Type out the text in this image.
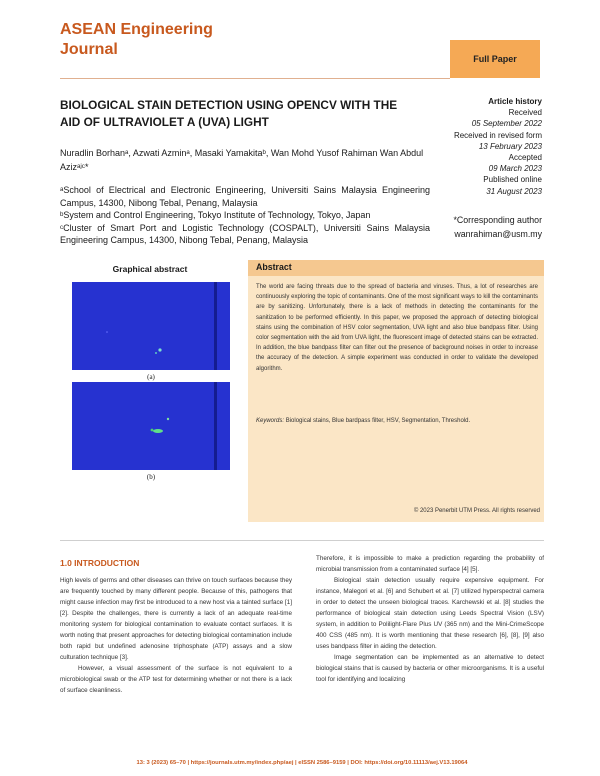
ASEAN Engineering
Journal
Full Paper
BIOLOGICAL STAIN DETECTION USING OPENCV WITH THE AID OF ULTRAVIOLET A (UVA) LIGHT
Nuradlin Borhanᵃ, Azwati Azminᵃ, Masaki Yamakitaᵇ, Wan Mohd Yusof Rahiman Wan Abdul Azizᵃʲᶜ*
ᵃSchool of Electrical and Electronic Engineering, Universiti Sains Malaysia Engineering Campus, 14300, Nibong Tebal, Penang, Malaysia
ᵇSystem and Control Engineering, Tokyo Institute of Technology, Tokyo, Japan
ᶜCluster of Smart Port and Logistic Technology (COSPALT), Universiti Sains Malaysia Engineering Campus, 14300, Nibong Tebal, Penang, Malaysia
Article history
Received
05 September 2022
Received in revised form
13 February 2023
Accepted
09 March 2023
Published online
31 August 2023
*Corresponding author
wanrahiman@usm.my
Graphical abstract
(a)
(b)
Abstract
The world are facing threats due to the spread of bacteria and viruses. Thus, a lot of researches are continuously exploring the topic of contaminants. One of the most significant ways to kill the contaminants are by sanitizing. Unfortunately, there is a lack of methods in detecting the contaminants for the sanitization to be performed efficiently. In this paper, we proposed the approach of detecting biological stains using the combination of HSV color segmentation, UVA light and also blue bandpass filter. Using color segmentation with the aid from UVA light, the fluorescent image of detected stains can be extracted. In addition, the blue bandpass filter can filter out the presence of background noises in order to increase the accuracy of the detection. A simple experiment was conducted in order to validate the developed algorithm.
Keywords: Biological stains, Blue bardpass filter, HSV, Segmentation, Threshold.
© 2023 Penerbit UTM Press. All rights reserved
1.0 INTRODUCTION

High levels of germs and other diseases can thrive on touch surfaces because they are frequently touched by many different people. Because of this, pathogens that might cause infection may first be introduced to a new host via a tainted surface [1][2]. Despite the challenges, there is currently a lack of an adequate real-time monitoring system for biological contamination to evaluate contact surfaces. It is worth noting that present approaches for detecting biological contamination include both rapid but undefined adenosine triphosphate (ATP) assays and a slow culturation technique [3].

However, a visual assessment of the surface is not equivalent to a microbiological swab or the ATP test for determining whether or not there is a lack of surface cleanliness.

Therefore, it is impossible to make a prediction regarding the probability of microbial transmission from a contaminated surface [4] [5].

Biological stain detection usually require expensive equipment. For instance, Malegori et al. [6] and Schubert et al. [7] utilized hyperspectral camera in order to detect the unseen biological traces. Karchewski et al. [8] studies the performance of biological stain detection using Leeds Spectral Vision (LSV) system, in addition to Polilight-Flare Plus UV (365 nm) and the Mini-CrimeScope 400 CSS (485 nm). It is worth mentioning that these research [6], [8], [9] also uses bandpass filter in aiding the detection.

Image segmentation can be implemented as an alternative to detect biological stains that is caused by bacteria or other microorganisms. It is a useful tool for identifying and localizing

13: 3 (2023) 65–70 | https://journals.utm.my/index.php/aej | eISSN 2586–9159 | DOI: https://doi.org/10.11113/aej.V13.19064
